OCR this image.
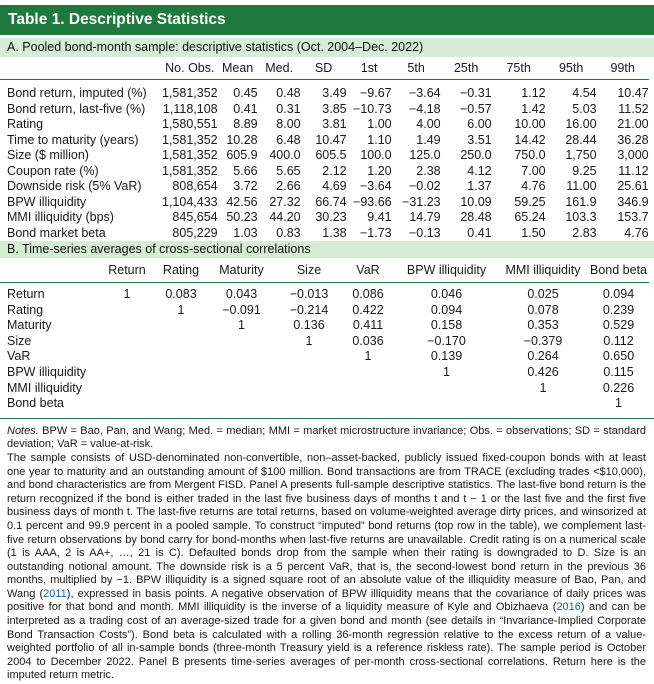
Table 1. Descriptive Statistics
A. Pooled bond-month sample: descriptive statistics (Oct. 2004–Dec. 2022)
	No. Obs.	Mean	Med.	SD	1st	5th	25th	75th	95th	99th
Bond return, imputed (%)	1,581,352	0.45	0.48	3.49	−9.67	−3.64	−0.31	1.12	4.54	10.47
Bond return, last-five (%)	1,118,108	0.41	0.31	3.85	−10.73	−4.18	−0.57	1.42	5.03	11.52
Rating	1,580,551	8.89	8.00	3.81	1.00	4.00	6.00	10.00	16.00	21.00
Time to maturity (years)	1,581,352	10.28	6.48	10.47	1.10	1.49	3.51	14.42	28.44	36.28
Size ($ million)	1,581,352	605.9	400.0	605.5	100.0	125.0	250.0	750.0	1,750	3,000
Coupon rate (%)	1,581,352	5.66	5.65	2.12	1.20	2.38	4.12	7.00	9.25	11.12
Downside risk (5% VaR)	808,654	3.72	2.66	4.69	−3.64	−0.02	1.37	4.76	11.00	25.61
BPW illiquidity	1,104,433	42.56	27.32	66.74	−93.66	−31.23	10.09	59.25	161.9	346.9
MMI illiquidity (bps)	845,654	50.23	44.20	30.23	9.41	14.79	28.48	65.24	103.3	153.7
Bond market beta	805,229	1.03	0.83	1.38	−1.73	−0.13	0.41	1.50	2.83	4.76
B. Time-series averages of cross-sectional correlations
	Return	Rating	Maturity	Size	VaR	BPW illiquidity	MMI illiquidity	Bond beta
Return	1	0.083	0.043	−0.013	0.086	0.046	0.025	0.094
Rating		1	−0.091	−0.214	0.422	0.094	0.078	0.239
Maturity			1	0.136	0.411	0.158	0.353	0.529
Size				1	0.036	−0.170	−0.379	0.112
VaR					1	0.139	0.264	0.650
BPW illiquidity						1	0.426	0.115
MMI illiquidity							1	0.226
Bond beta								1

Notes. BPW = Bao, Pan, and Wang; Med. = median; MMI = market microstructure invariance; Obs. = observations; SD = standard deviation; VaR = value-at-risk.

The sample consists of USD-denominated non-convertible, non–asset-backed, publicly issued fixed-coupon bonds with at least one year to maturity and an outstanding amount of $100 million. Bond transactions are from TRACE (excluding trades <$10,000), and bond characteristics are from Mergent FISD. Panel A presents full-sample descriptive statistics. The last-five bond return is the return recognized if the bond is either traded in the last five business days of months t and t − 1 or the last five and the first five business days of month t. The last-five returns are total returns, based on volume-weighted average dirty prices, and winsorized at 0.1 percent and 99.9 percent in a pooled sample. To construct “imputed” bond returns (top row in the table), we complement last-five return observations by bond carry for bond-months when last-five returns are unavailable. Credit rating is on a numerical scale (1 is AAA, 2 is AA+, …, 21 is C). Defaulted bonds drop from the sample when their rating is downgraded to D. Size is an outstanding notional amount. The downside risk is a 5 percent VaR, that is, the second-lowest bond return in the previous 36 months, multiplied by −1. BPW illiquidity is a signed square root of an absolute value of the illiquidity measure of Bao, Pan, and Wang (2011), expressed in basis points. A negative observation of BPW illiquidity means that the covariance of daily prices was positive for that bond and month. MMI illiquidity is the inverse of a liquidity measure of Kyle and Obizhaeva (2016) and can be interpreted as a trading cost of an average-sized trade for a given bond and month (see details in “Invariance-Implied Corporate Bond Transaction Costs”). Bond beta is calculated with a rolling 36-month regression relative to the excess return of a value-weighted portfolio of all in-sample bonds (three-month Treasury yield is a reference riskless rate). The sample period is October 2004 to December 2022. Panel B presents time-series averages of per-month cross-sectional correlations. Return here is the imputed return metric.
